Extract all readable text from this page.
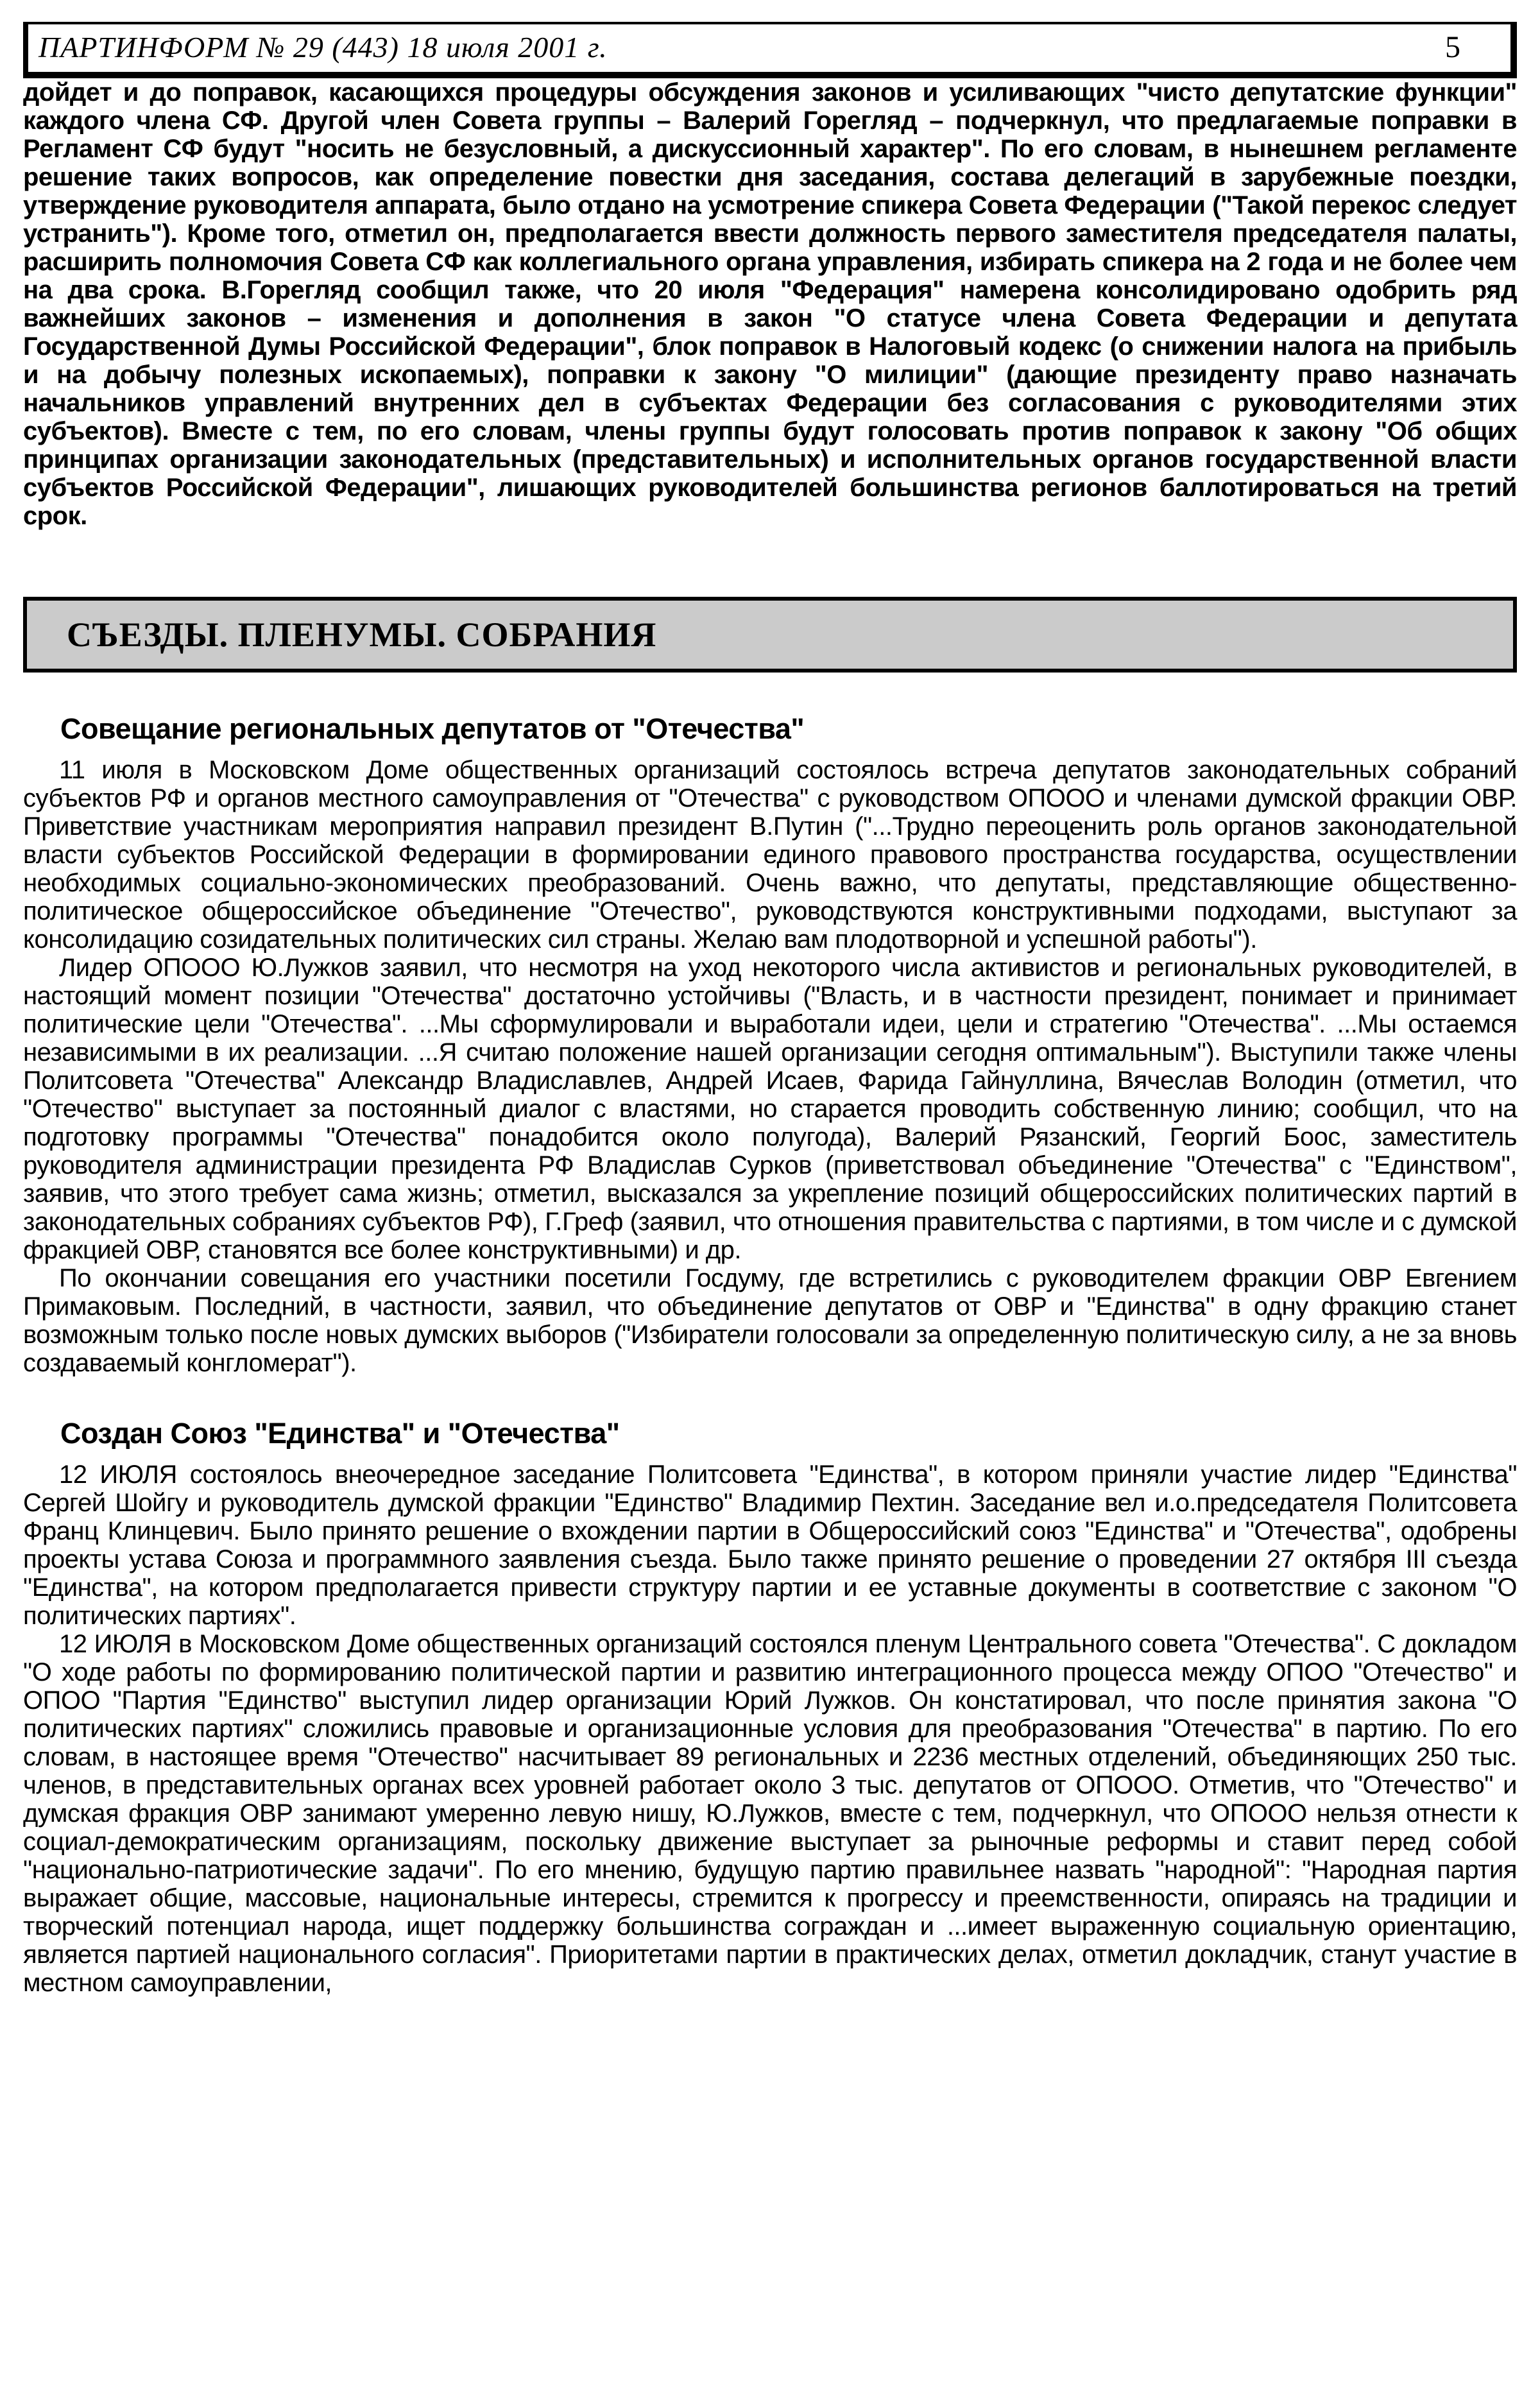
ПАРТИНФОРМ № 29 (443) 18 июля 2001 г.	5

дойдет и до поправок, касающихся процедуры обсуждения законов и усиливающих "чисто депутатские функции" каждого члена СФ. Другой член Совета группы – Валерий Горегляд – подчеркнул, что предлагаемые поправки в Регламент СФ будут "носить не безусловный, а дискуссионный характер". По его словам, в нынешнем регламенте решение таких вопросов, как определение повестки дня заседания, состава делегаций в зарубежные поездки, утверждение руководителя аппарата, было отдано на усмотрение спикера Совета Федерации ("Такой перекос следует устранить"). Кроме того, отметил он, предполагается ввести должность первого заместителя председателя палаты, расширить полномочия Совета СФ как коллегиального органа управления, избирать спикера на 2 года и не более чем на два срока. В.Горегляд сообщил также, что 20 июля "Федерация" намерена консолидировано одобрить ряд важнейших законов – изменения и дополнения в закон "О статусе члена Совета Федерации и депутата Государственной Думы Российской Федерации", блок поправок в Налоговый кодекс (о снижении налога на прибыль и на добычу полезных ископаемых), поправки к закону "О милиции" (дающие президенту право назначать начальников управлений внутренних дел в субъектах Федерации без согласования с руководителями этих субъектов). Вместе с тем, по его словам, члены группы будут голосовать против поправок к закону "Об общих принципах организации законодательных (представительных) и исполнительных органов государственной власти субъектов Российской Федерации", лишающих руководителей большинства регионов баллотироваться на третий срок.

СЪЕЗДЫ. ПЛЕНУМЫ. СОБРАНИЯ
Совещание региональных депутатов от "Отечества"

11 июля в Московском Доме общественных организаций состоялось встреча депутатов законодательных собраний субъектов РФ и органов местного самоуправления от "Отечества" с руководством ОПООО и членами думской фракции ОВР. Приветствие участникам мероприятия направил президент В.Путин ("...Трудно переоценить роль органов законодательной власти субъектов Российской Федерации в формировании единого правового пространства государства, осуществлении необходимых социально-экономических преобразований. Очень важно, что депутаты, представляющие общественно-политическое общероссийское объединение "Отечество", руководствуются конструктивными подходами, выступают за консолидацию созидательных политических сил страны. Желаю вам плодотворной и успешной работы").

Лидер ОПООО Ю.Лужков заявил, что несмотря на уход некоторого числа активистов и региональных руководителей, в настоящий момент позиции "Отечества" достаточно устойчивы ("Власть, и в частности президент, понимает и принимает политические цели "Отечества". ...Мы сформулировали и выработали идеи, цели и стратегию "Отечества". ...Мы остаемся независимыми в их реализации. ...Я считаю положение нашей организации сегодня оптимальным"). Выступили также члены Политсовета "Отечества" Александр Владиславлев, Андрей Исаев, Фарида Гайнуллина, Вячеслав Володин (отметил, что "Отечество" выступает за постоянный диалог с властями, но старается проводить собственную линию; сообщил, что на подготовку программы "Отечества" понадобится около полугода), Валерий Рязанский, Георгий Боос, заместитель руководителя администрации президента РФ Владислав Сурков (приветствовал объединение "Отечества" с "Единством", заявив, что этого требует сама жизнь; отметил, высказался за укрепление позиций общероссийских политических партий в законодательных собраниях субъектов РФ), Г.Греф (заявил, что отношения правительства с партиями, в том числе и с думской фракцией ОВР, становятся все более конструктивными) и др.

По окончании совещания его участники посетили Госдуму, где встретились с руководителем фракции ОВР Евгением Примаковым. Последний, в частности, заявил, что объединение депутатов от ОВР и "Единства" в одну фракцию станет возможным только после новых думских выборов ("Избиратели голосовали за определенную политическую силу, а не за вновь создаваемый конгломерат").

Создан Союз "Единства" и "Отечества"

12 ИЮЛЯ состоялось внеочередное заседание Политсовета "Единства", в котором приняли участие лидер "Единства" Сергей Шойгу и руководитель думской фракции "Единство" Владимир Пехтин. Заседание вел и.о.председателя Политсовета Франц Клинцевич. Было принято решение о вхождении партии в Общероссийский союз "Единства" и "Отечества", одобрены проекты устава Союза и программного заявления съезда. Было также принято решение о проведении 27 октября III съезда "Единства", на котором предполагается привести структуру партии и ее уставные документы в соответствие с законом "О политических партиях".

12 ИЮЛЯ в Московском Доме общественных организаций состоялся пленум Центрального совета "Отечества". С докладом "О ходе работы по формированию политической партии и развитию интеграционного процесса между ОПОО "Отечество" и ОПОО "Партия "Единство" выступил лидер организации Юрий Лужков. Он констатировал, что после принятия закона "О политических партиях" сложились правовые и организационные условия для преобразования "Отечества" в партию. По его словам, в настоящее время "Отечество" насчитывает 89 региональных и 2236 местных отделений, объединяющих 250 тыс. членов, в представительных органах всех уровней работает около 3 тыс. депутатов от ОПООО. Отметив, что "Отечество" и думская фракция ОВР занимают умеренно левую нишу, Ю.Лужков, вместе с тем, подчеркнул, что ОПООО нельзя отнести к социал-демократическим организациям, поскольку движение выступает за рыночные реформы и ставит перед собой "национально-патриотические задачи". По его мнению, будущую партию правильнее назвать "народной": "Народная партия выражает общие, массовые, национальные интересы, стремится к прогрессу и преемственности, опираясь на традиции и творческий потенциал народа, ищет поддержку большинства сограждан и ...имеет выраженную социальную ориентацию, является партией национального согласия". Приоритетами партии в практических делах, отметил докладчик, станут участие в местном самоуправлении,
